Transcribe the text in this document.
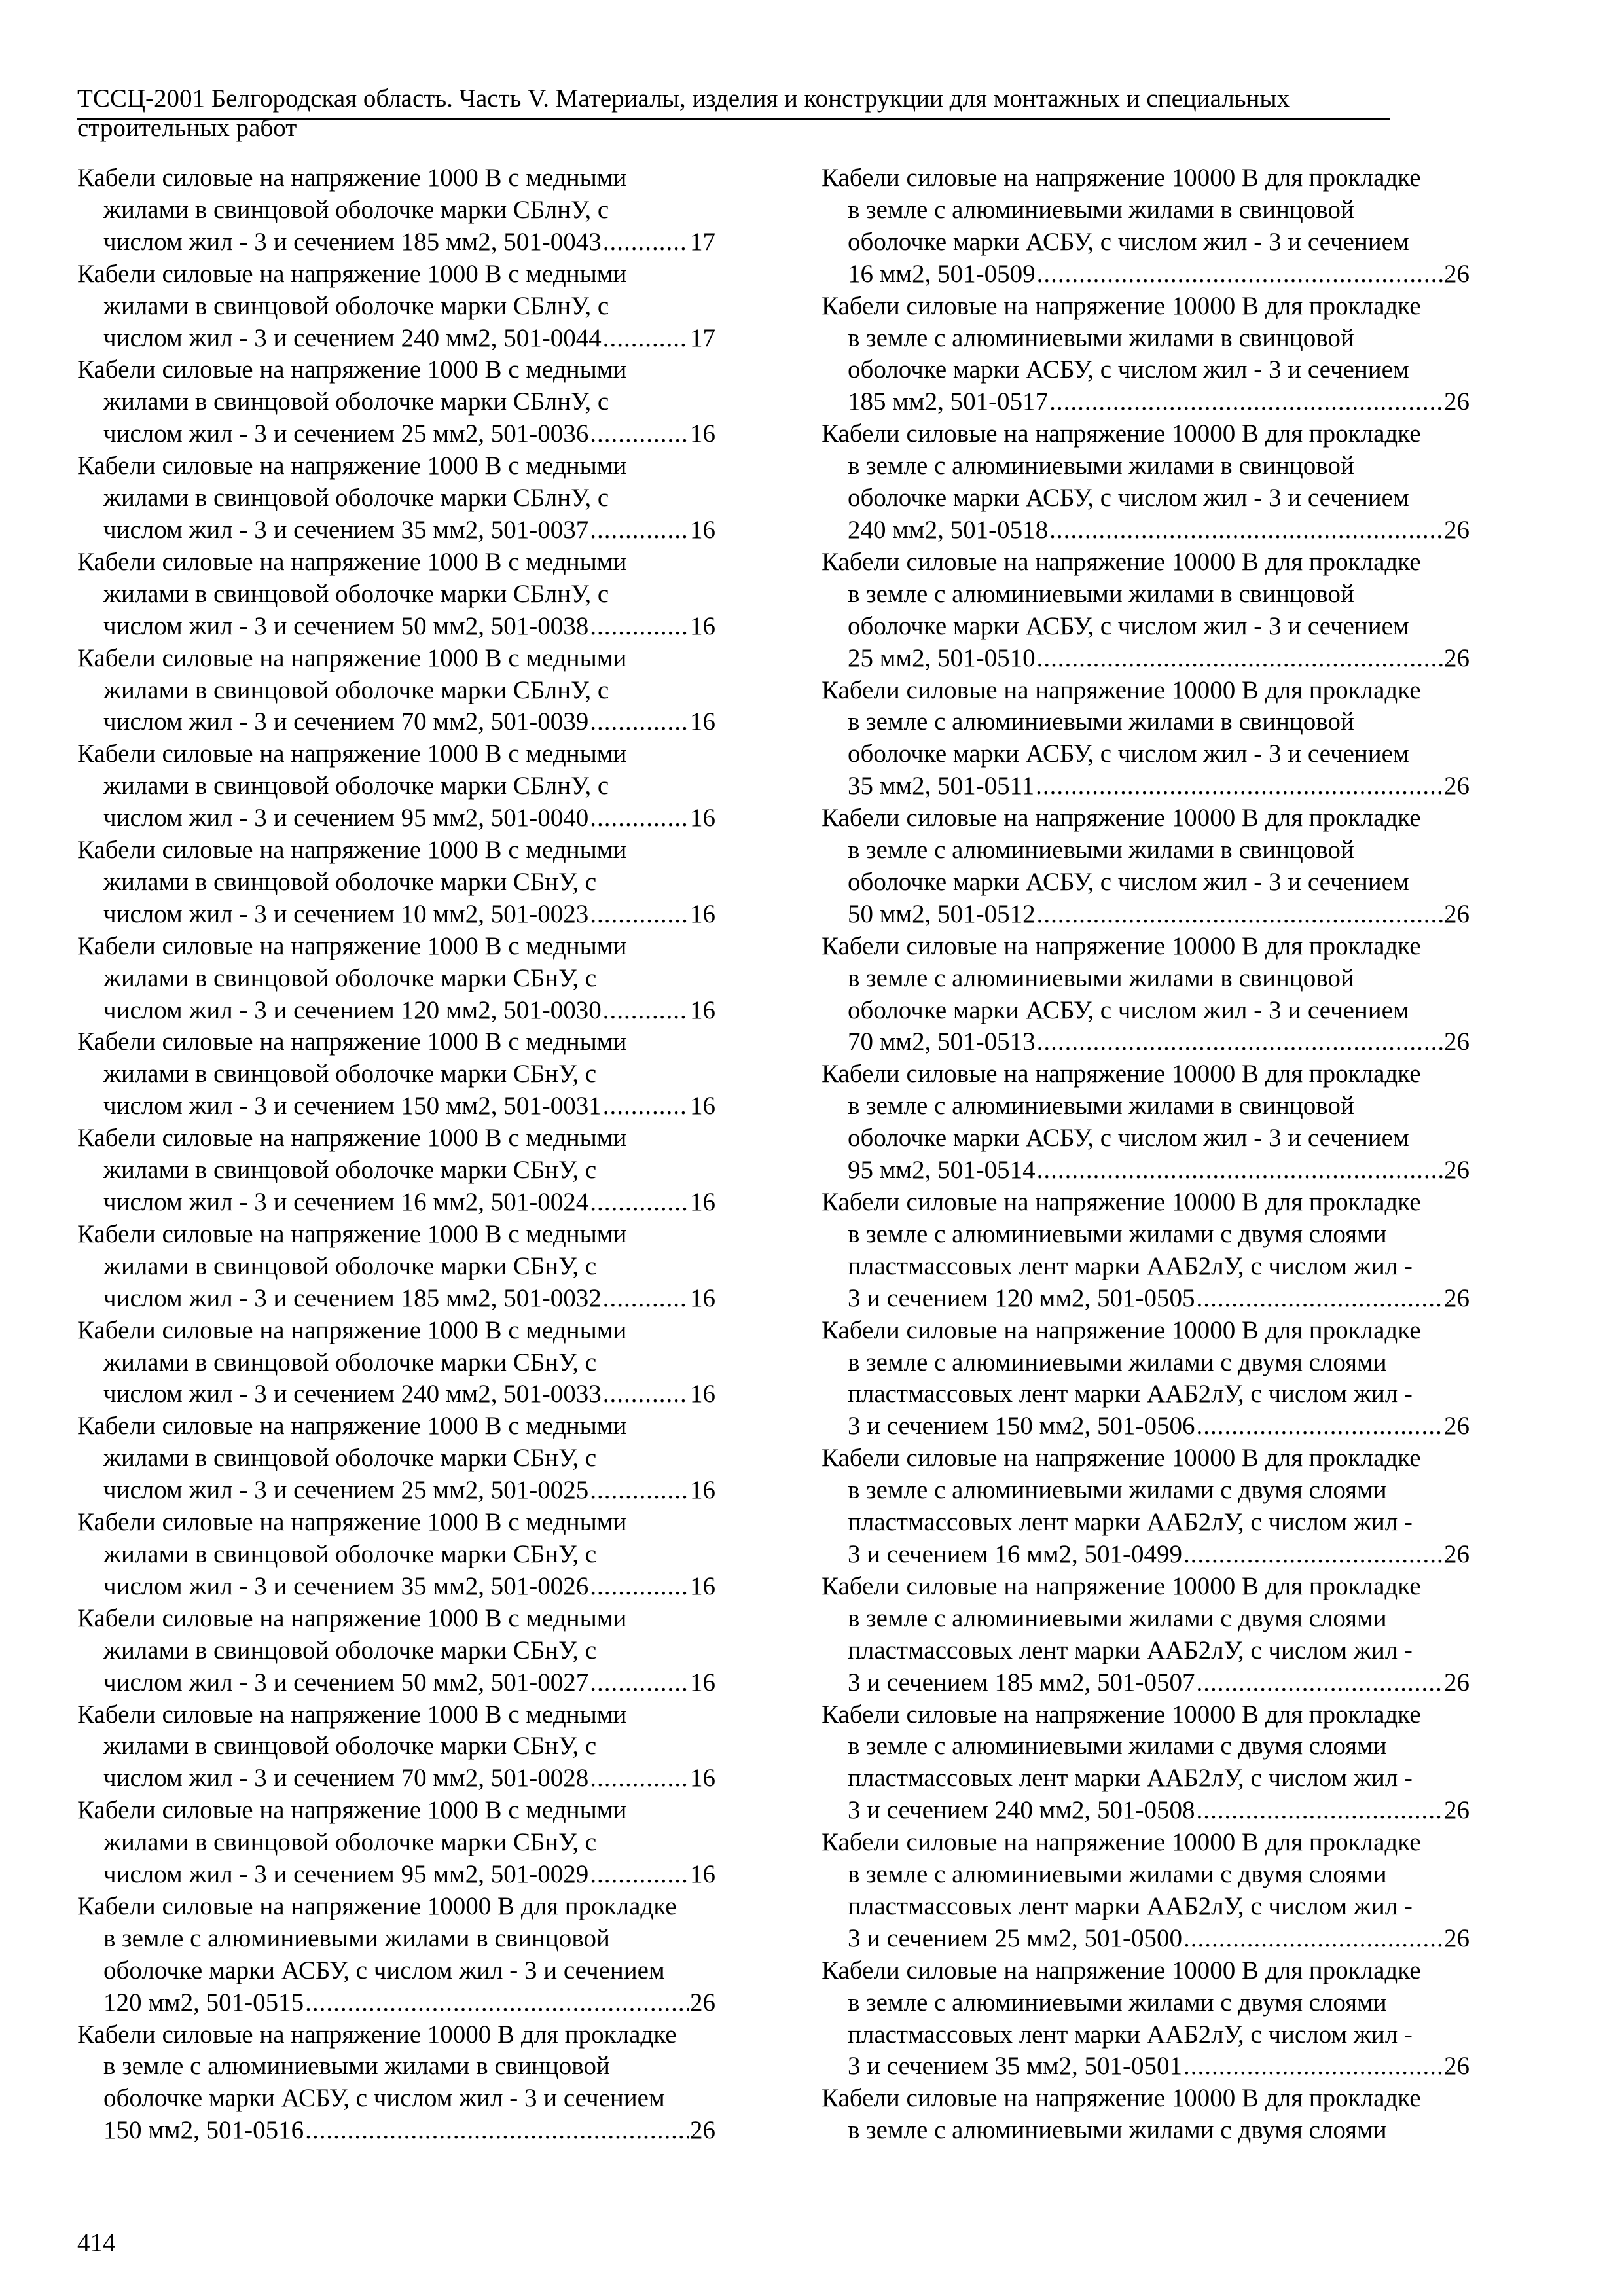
ТССЦ-2001 Белгородская область. Часть V. Материалы, изделия и конструкции для монтажных и специальных
строительных работ
Кабели силовые на напряжение 1000 В с медными
жилами в свинцовой оболочке марки СБлнУ, с
числом жил - 3 и сечением 185 мм2, 501-0043 .....	17
Кабели силовые на напряжение 1000 В с медными
жилами в свинцовой оболочке марки СБлнУ, с
числом жил - 3 и сечением 240 мм2, 501-0044 .....	17
Кабели силовые на напряжение 1000 В с медными
жилами в свинцовой оболочке марки СБлнУ, с
числом жил - 3 и сечением 25 мм2, 501-0036 .....	16
Кабели силовые на напряжение 1000 В с медными
жилами в свинцовой оболочке марки СБлнУ, с
числом жил - 3 и сечением 35 мм2, 501-0037 .....	16
Кабели силовые на напряжение 1000 В с медными
жилами в свинцовой оболочке марки СБлнУ, с
числом жил - 3 и сечением 50 мм2, 501-0038 .....	16
Кабели силовые на напряжение 1000 В с медными
жилами в свинцовой оболочке марки СБлнУ, с
числом жил - 3 и сечением 70 мм2, 501-0039 .....	16
Кабели силовые на напряжение 1000 В с медными
жилами в свинцовой оболочке марки СБлнУ, с
числом жил - 3 и сечением 95 мм2, 501-0040 .....	16
Кабели силовые на напряжение 1000 В с медными
жилами в свинцовой оболочке марки СБнУ, с
числом жил - 3 и сечением 10 мм2, 501-0023 .....	16
Кабели силовые на напряжение 1000 В с медными
жилами в свинцовой оболочке марки СБнУ, с
числом жил - 3 и сечением 120 мм2, 501-0030 .....	16
Кабели силовые на напряжение 1000 В с медными
жилами в свинцовой оболочке марки СБнУ, с
числом жил - 3 и сечением 150 мм2, 501-0031 .....	16
Кабели силовые на напряжение 1000 В с медными
жилами в свинцовой оболочке марки СБнУ, с
числом жил - 3 и сечением 16 мм2, 501-0024 .....	16
Кабели силовые на напряжение 1000 В с медными
жилами в свинцовой оболочке марки СБнУ, с
числом жил - 3 и сечением 185 мм2, 501-0032 .....	16
Кабели силовые на напряжение 1000 В с медными
жилами в свинцовой оболочке марки СБнУ, с
числом жил - 3 и сечением 240 мм2, 501-0033 .....	16
Кабели силовые на напряжение 1000 В с медными
жилами в свинцовой оболочке марки СБнУ, с
числом жил - 3 и сечением 25 мм2, 501-0025 .....	16
Кабели силовые на напряжение 1000 В с медными
жилами в свинцовой оболочке марки СБнУ, с
числом жил - 3 и сечением 35 мм2, 501-0026 .....	16
Кабели силовые на напряжение 1000 В с медными
жилами в свинцовой оболочке марки СБнУ, с
числом жил - 3 и сечением 50 мм2, 501-0027 .....	16
Кабели силовые на напряжение 1000 В с медными
жилами в свинцовой оболочке марки СБнУ, с
числом жил - 3 и сечением 70 мм2, 501-0028 .....	16
Кабели силовые на напряжение 1000 В с медными
жилами в свинцовой оболочке марки СБнУ, с
числом жил - 3 и сечением 95 мм2, 501-0029 .....	16
Кабели силовые на напряжение 10000 В для прокладке
в земле с алюминиевыми жилами в свинцовой
оболочке марки АСБУ, с числом жил - 3 и сечением
120 мм2, 501-0515 .....	26
Кабели силовые на напряжение 10000 В для прокладке
в земле с алюминиевыми жилами в свинцовой
оболочке марки АСБУ, с числом жил - 3 и сечением
150 мм2, 501-0516 .....	26
Кабели силовые на напряжение 10000 В для прокладке
в земле с алюминиевыми жилами в свинцовой
оболочке марки АСБУ, с числом жил - 3 и сечением
16 мм2, 501-0509 .....	26
Кабели силовые на напряжение 10000 В для прокладке
в земле с алюминиевыми жилами в свинцовой
оболочке марки АСБУ, с числом жил - 3 и сечением
185 мм2, 501-0517 .....	26
Кабели силовые на напряжение 10000 В для прокладке
в земле с алюминиевыми жилами в свинцовой
оболочке марки АСБУ, с числом жил - 3 и сечением
240 мм2, 501-0518 .....	26
Кабели силовые на напряжение 10000 В для прокладке
в земле с алюминиевыми жилами в свинцовой
оболочке марки АСБУ, с числом жил - 3 и сечением
25 мм2, 501-0510 .....	26
Кабели силовые на напряжение 10000 В для прокладке
в земле с алюминиевыми жилами в свинцовой
оболочке марки АСБУ, с числом жил - 3 и сечением
35 мм2, 501-0511 .....	26
Кабели силовые на напряжение 10000 В для прокладке
в земле с алюминиевыми жилами в свинцовой
оболочке марки АСБУ, с числом жил - 3 и сечением
50 мм2, 501-0512 .....	26
Кабели силовые на напряжение 10000 В для прокладке
в земле с алюминиевыми жилами в свинцовой
оболочке марки АСБУ, с числом жил - 3 и сечением
70 мм2, 501-0513 .....	26
Кабели силовые на напряжение 10000 В для прокладке
в земле с алюминиевыми жилами в свинцовой
оболочке марки АСБУ, с числом жил - 3 и сечением
95 мм2, 501-0514 .....	26
Кабели силовые на напряжение 10000 В для прокладке
в земле с алюминиевыми жилами с двумя слоями
пластмассовых лент марки ААБ2лУ, с числом жил -
3 и сечением 120 мм2, 501-0505 .....	26
Кабели силовые на напряжение 10000 В для прокладке
в земле с алюминиевыми жилами с двумя слоями
пластмассовых лент марки ААБ2лУ, с числом жил -
3 и сечением 150 мм2, 501-0506 .....	26
Кабели силовые на напряжение 10000 В для прокладке
в земле с алюминиевыми жилами с двумя слоями
пластмассовых лент марки ААБ2лУ, с числом жил -
3 и сечением 16 мм2, 501-0499 .....	26
Кабели силовые на напряжение 10000 В для прокладке
в земле с алюминиевыми жилами с двумя слоями
пластмассовых лент марки ААБ2лУ, с числом жил -
3 и сечением 185 мм2, 501-0507 .....	26
Кабели силовые на напряжение 10000 В для прокладке
в земле с алюминиевыми жилами с двумя слоями
пластмассовых лент марки ААБ2лУ, с числом жил -
3 и сечением 240 мм2, 501-0508 .....	26
Кабели силовые на напряжение 10000 В для прокладке
в земле с алюминиевыми жилами с двумя слоями
пластмассовых лент марки ААБ2лУ, с числом жил -
3 и сечением 25 мм2, 501-0500 .....	26
Кабели силовые на напряжение 10000 В для прокладке
в земле с алюминиевыми жилами с двумя слоями
пластмассовых лент марки ААБ2лУ, с числом жил -
3 и сечением 35 мм2, 501-0501 .....	26
Кабели силовые на напряжение 10000 В для прокладке
в земле с алюминиевыми жилами с двумя слоями
414
